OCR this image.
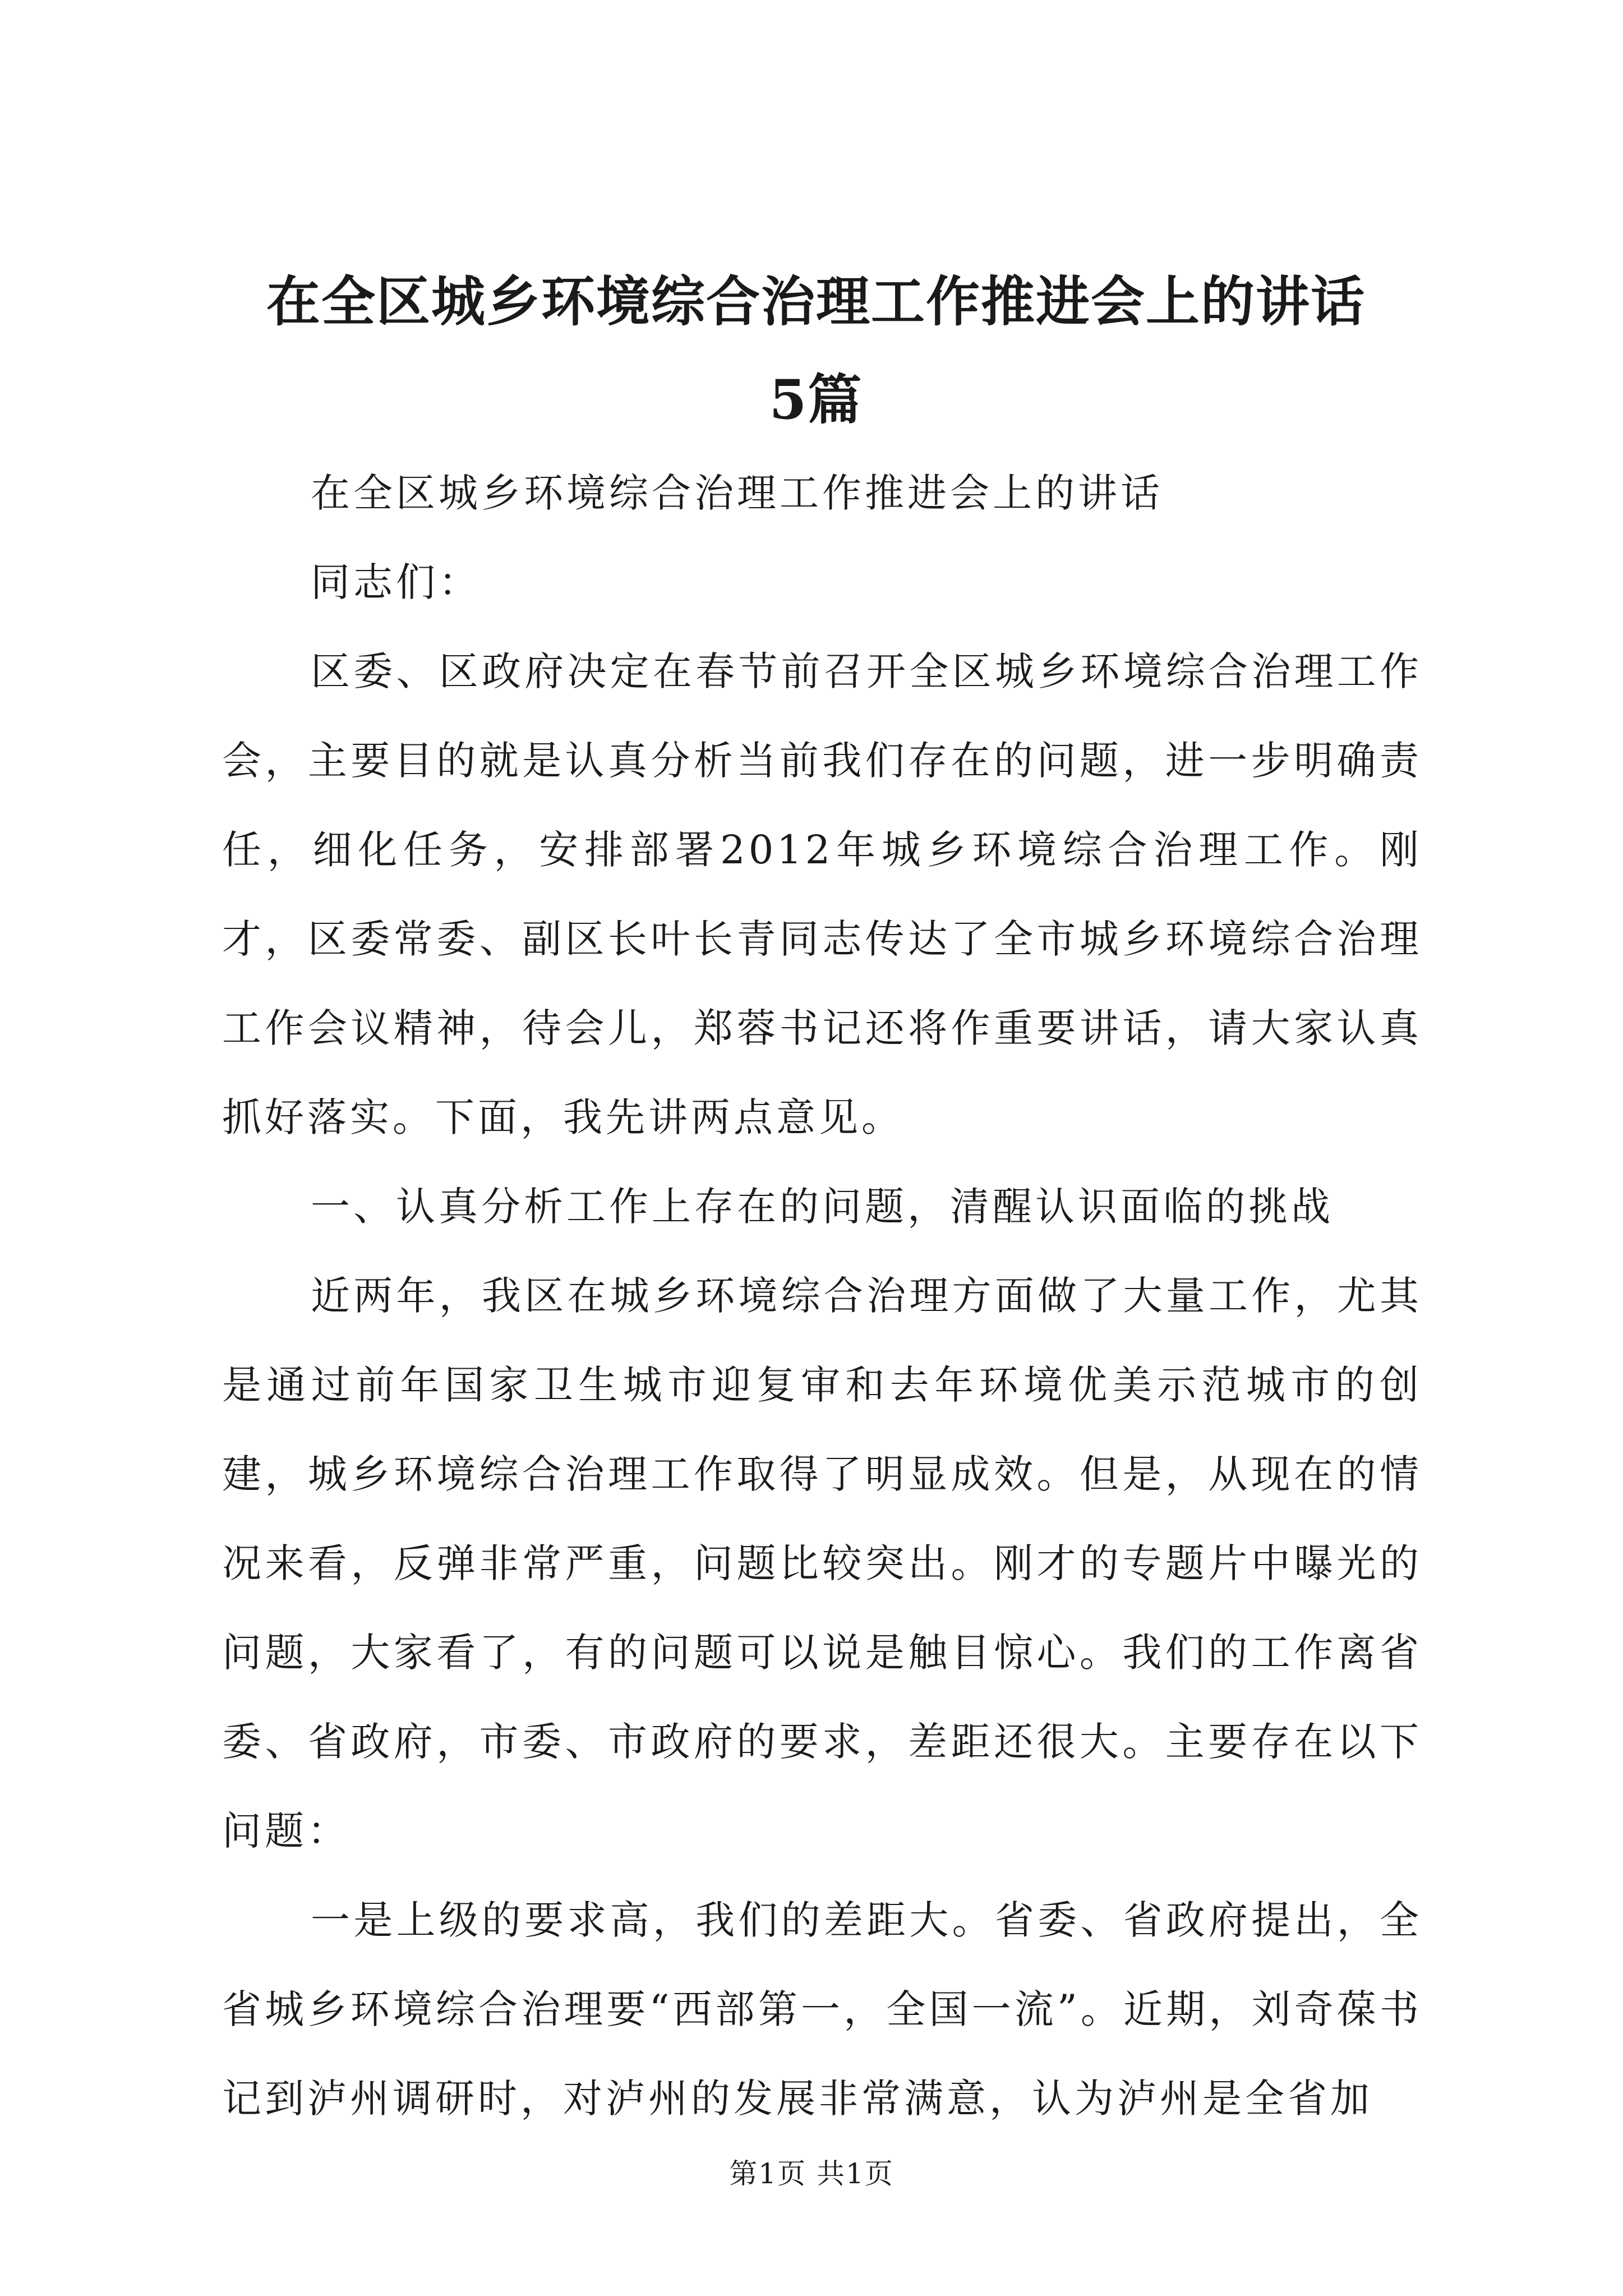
在全区城乡环境综合治理工作推进会上的讲话
5篇

在全区城乡环境综合治理工作推进会上的讲话

同志们：

区委、区政府决定在春节前召开全区城乡环境综合治理工作会，主要目的就是认真分析当前我们存在的问题，进一步明确责任，细化任务，安排部署2012年城乡环境综合治理工作。刚才，区委常委、副区长叶长青同志传达了全市城乡环境综合治理工作会议精神，待会儿，郑蓉书记还将作重要讲话，请大家认真抓好落实。下面，我先讲两点意见。

一、认真分析工作上存在的问题，清醒认识面临的挑战

近两年，我区在城乡环境综合治理方面做了大量工作，尤其是通过前年国家卫生城市迎复审和去年环境优美示范城市的创建，城乡环境综合治理工作取得了明显成效。但是，从现在的情况来看，反弹非常严重，问题比较突出。刚才的专题片中曝光的问题，大家看了，有的问题可以说是触目惊心。我们的工作离省委、省政府，市委、市政府的要求，差距还很大。主要存在以下问题：

一是上级的要求高，我们的差距大。省委、省政府提出，全省城乡环境综合治理要“西部第一，全国一流”。近期，刘奇葆书记到泸州调研时，对泸州的发展非常满意，认为泸州是全省加

第1页 共1页
